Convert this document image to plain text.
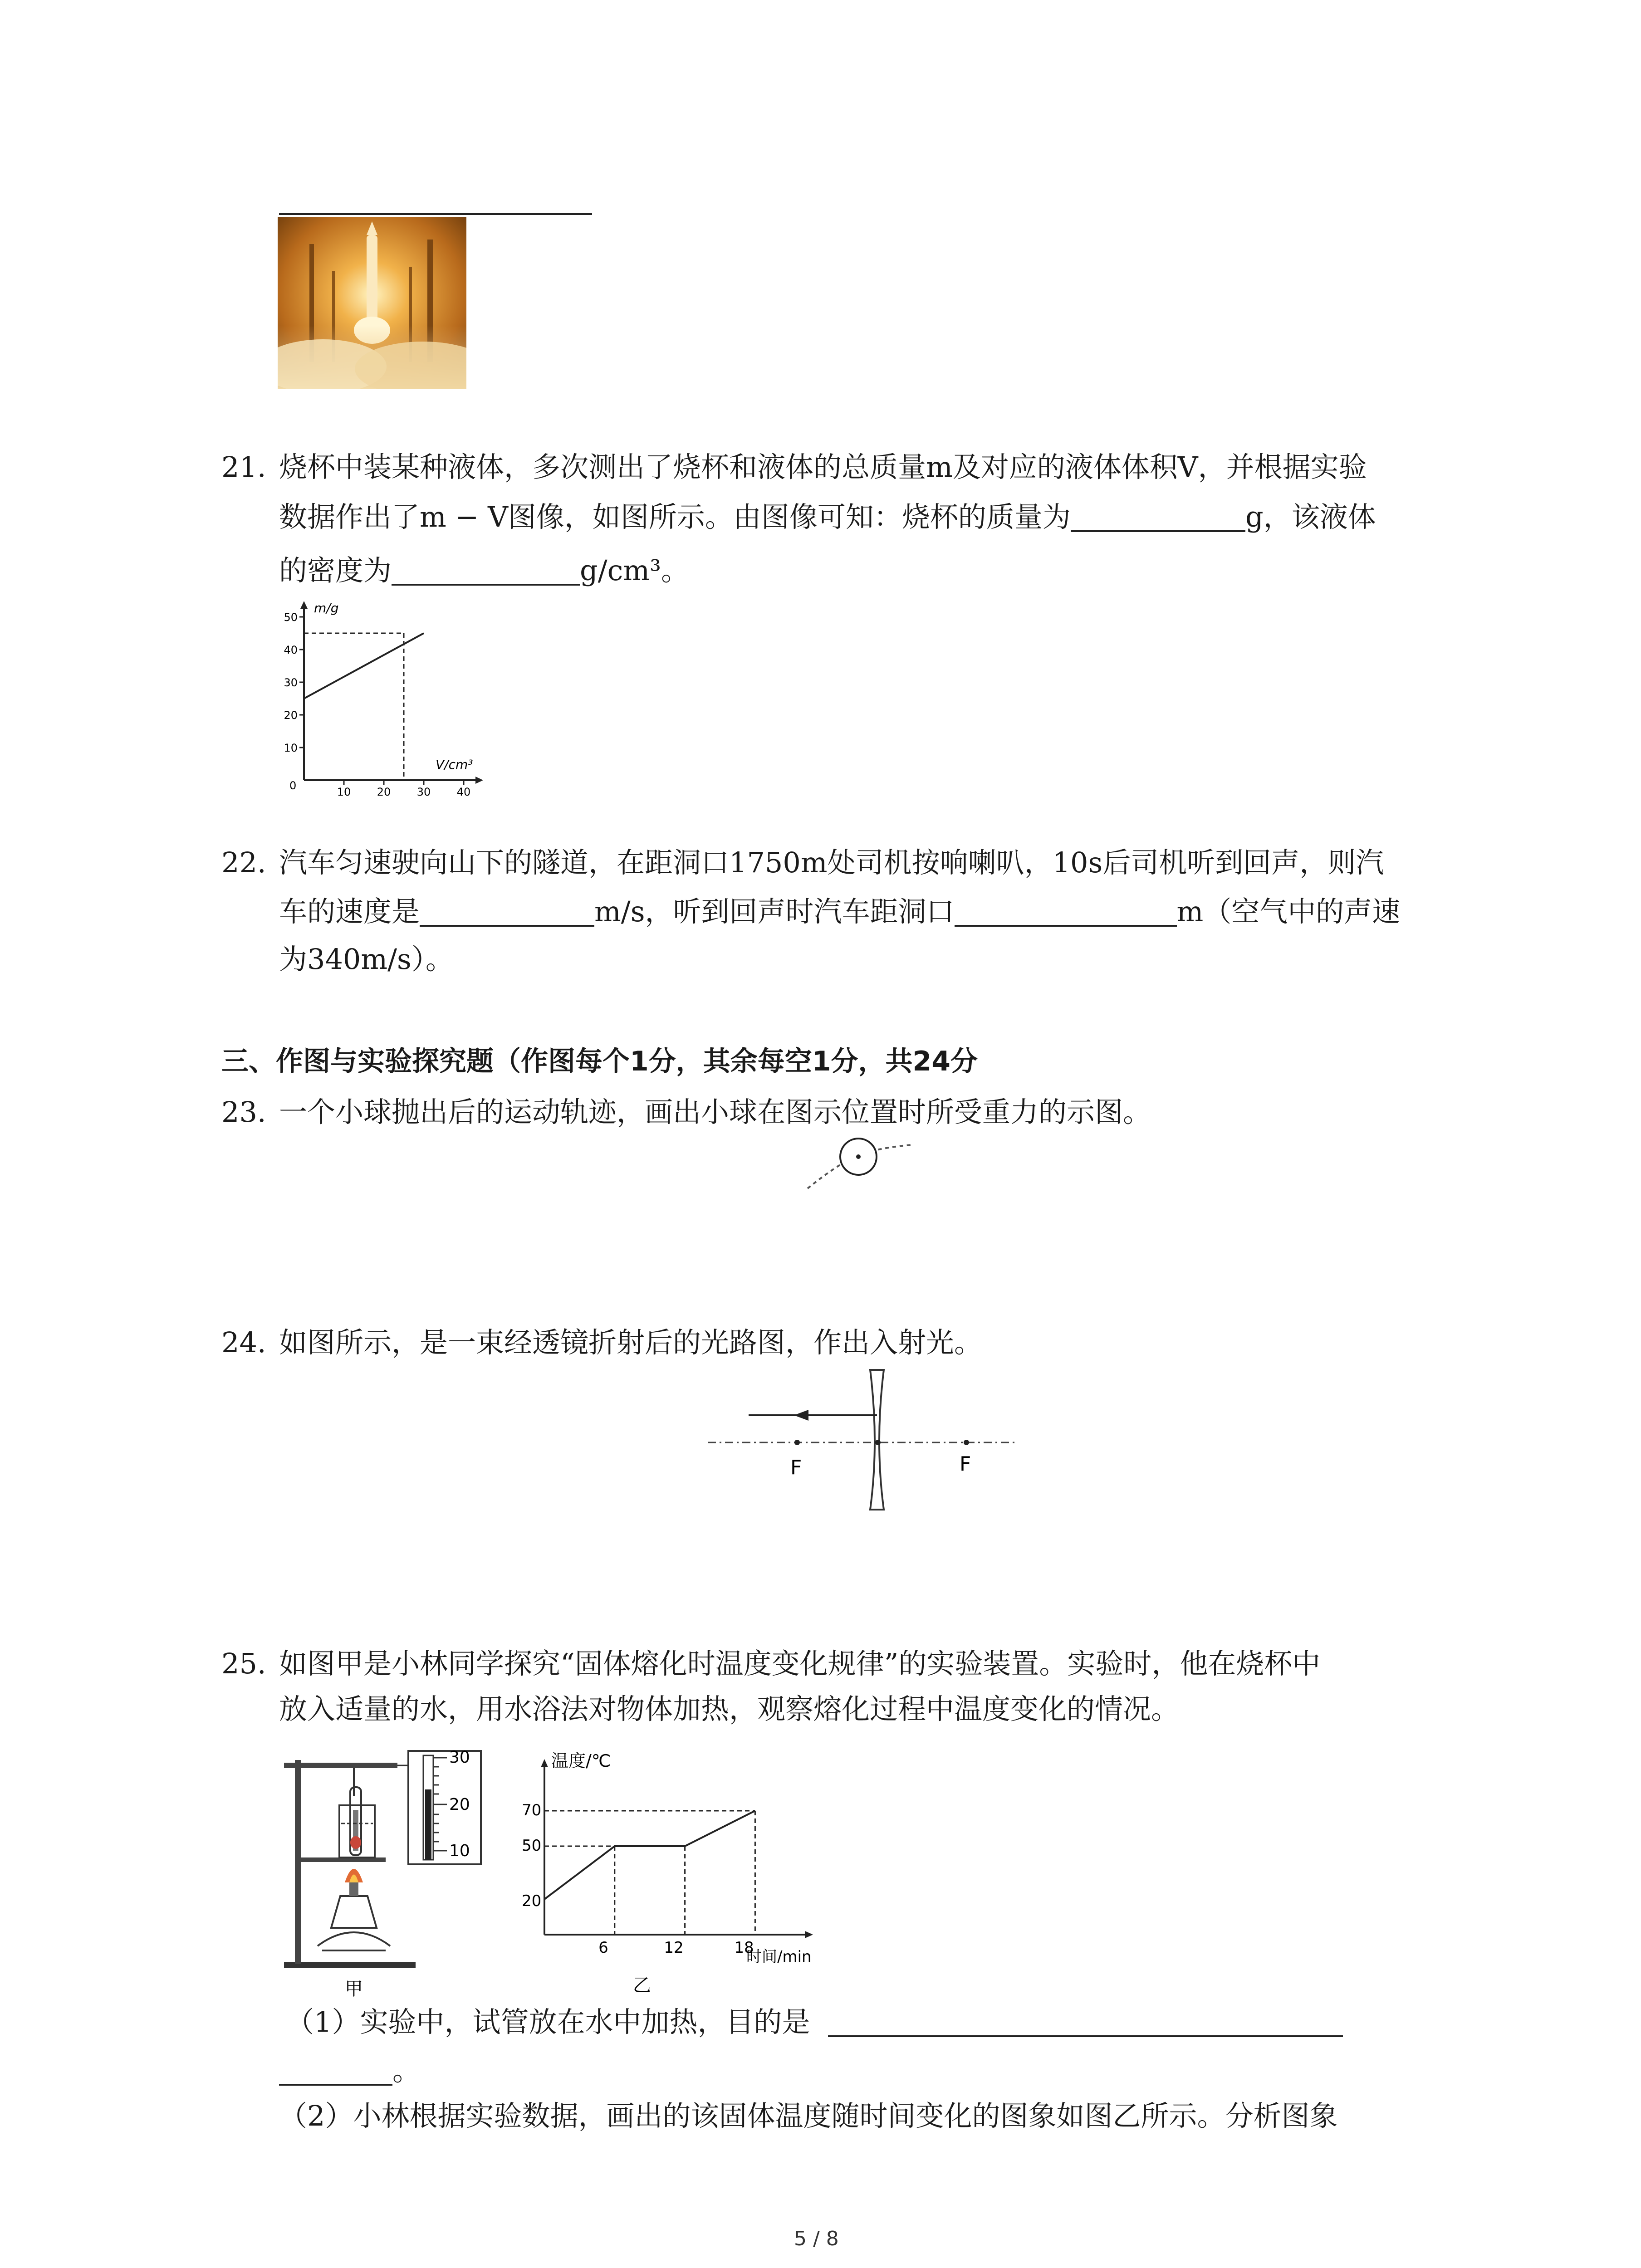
21. 烧杯中装某种液体，多次测出了烧杯和液体的总质量m及对应的液体体积V，并根据实验
数据作出了m − V图像，如图所示。由图像可知：烧杯的质量为	g，该液体
的密度为	g/cm³。
10
20
30
40
50
10 20 30 40
m/g
V/cm³
0
22. 汽车匀速驶向山下的隧道，在距洞口1750m处司机按响喇叭，10s后司机听到回声，则汽
车的速度是	m/s，听到回声时汽车距洞口	m（空气中的声速
为340m/s）。
三、作图与实验探究题（作图每个1分，其余每空1分，共24分
23. 一个小球抛出后的运动轨迹，画出小球在图示位置时所受重力的示图。
24. 如图所示，是一束经透镜折射后的光路图，作出入射光。
F	F
25. 如图甲是小林同学探究“固体熔化时温度变化规律”的实验装置。实验时，他在烧杯中
放入适量的水，用水浴法对物体加热，观察熔化过程中温度变化的情况。
30
20
10
甲
温度/℃
时间/min
70
50
20
6	12	18
乙
（1）实验中，试管放在水中加热，目的是
。
（2）小林根据实验数据，画出的该固体温度随时间变化的图象如图乙所示。分析图象
5 / 8
